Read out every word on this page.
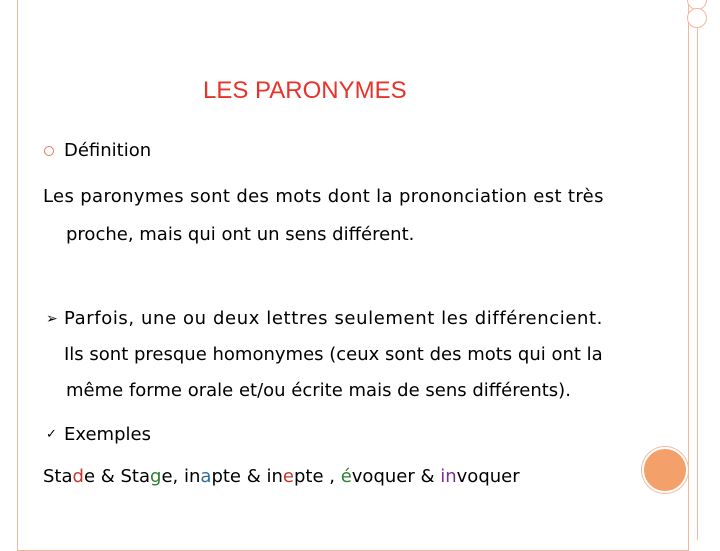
LES PARONYMES
Définition
Les paronymes sont des mots dont la prononciation est très
proche, mais qui ont un sens différent.
➢ Parfois, une ou deux lettres seulement les différencient.
Ils sont presque homonymes (ceux sont des mots qui ont la
même forme orale et/ou écrite mais de sens différents).
✓ Exemples
Stade & Stage, inapte & inepte , évoquer & invoquer
